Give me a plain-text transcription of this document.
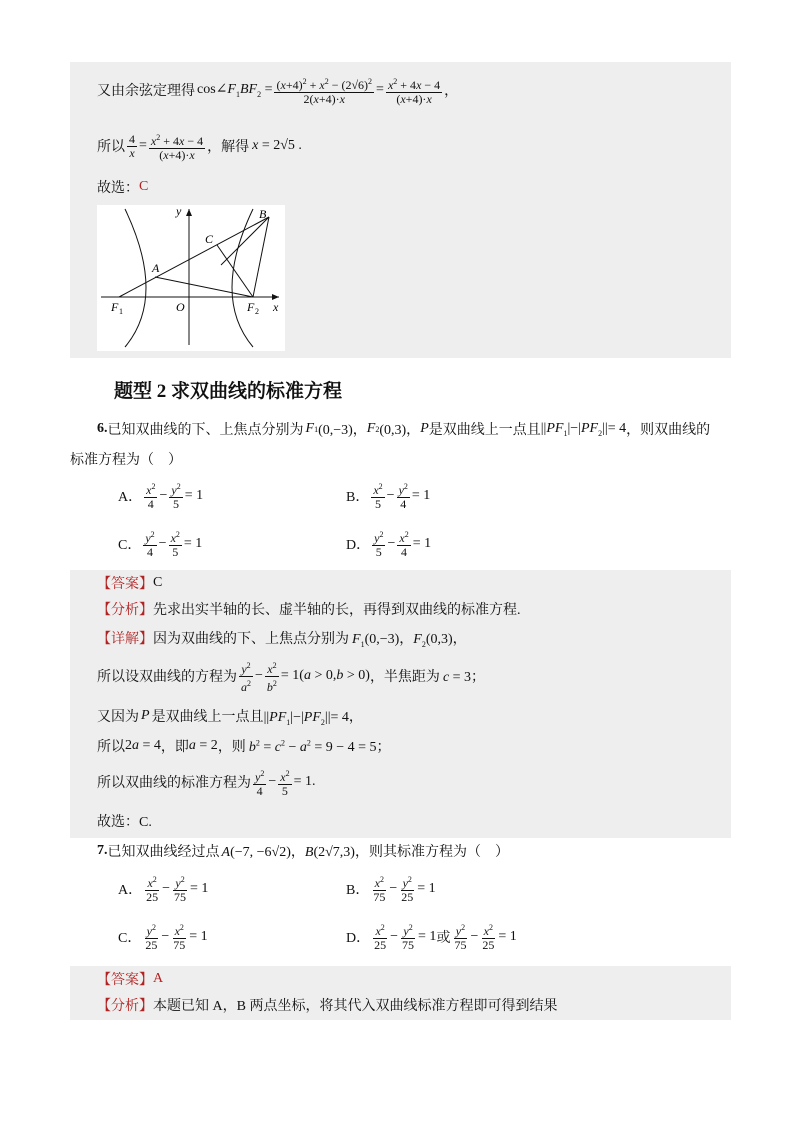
又由余弦定理得 $\cos\angle F_1BF_2 = \frac{(x+4)^2 + x^2 - (2√6)^2}{2(x+4)\cdot x} = \frac{x^2 + 4x - 4}{(x+4)\cdot x}$ ，
所以 $\frac{4}{x} = \frac{x^2 + 4x - 4}{(x+4)\cdot x}$ ，解得 x = 2√5 .
故选： C
y	B
C
A
F 1	O	F 2 x
题型 2 求双曲线的标准方程
6. 已知双曲线的下、上焦点分别为 F 1 (0,−3)， F 2 (0,3)， P 是双曲线上一点且 $||PF_1|-|PF_2||= 4$ ，则双曲线的
标准方程为（　）
A． $\frac{x^2}{4} - \frac{y^2}{5} = 1$	B． $\frac{x^2}{5} - \frac{y^2}{4} = 1$
C． $\frac{y^2}{4} - \frac{x^2}{5} = 1$	D． $\frac{y^2}{5} - \frac{x^2}{4} = 1$
【答案】 C
【分析】 先求出实半轴的长、虚半轴的长，再得到双曲线的标准方程.
【详解】 因为双曲线的下、上焦点分别为 $F_1(0,-3)$，$F_2(0,3)$，
所以设双曲线的方程为 $\frac{y^2}{a^2} - \frac{x^2}{b^2} = 1(a > 0,b > 0)$ ，半焦距为 c = 3；
又因为 P 是双曲线上一点且 $||PF_1|-|PF_2||= 4$，
所以 2a = 4 ，即 a = 2 ，则 $b^2 = c^2 - a^2 = 9 - 4 = 5$；
所以双曲线的标准方程为 $\frac{y^2}{4} - \frac{x^2}{5} = 1$.
故选：C.
7. 已知双曲线经过点 A(−7, −6√2)，B(2√7,3) ，则其标准方程为（　）
A． $\frac{x^2}{25} - \frac{y^2}{75} = 1$	B． $\frac{x^2}{75} - \frac{y^2}{25} = 1$
C． $\frac{y^2}{25} - \frac{x^2}{75} = 1$	D． $\frac{x^2}{25} - \frac{y^2}{75} = 1$ 或 $\frac{y^2}{75} - \frac{x^2}{25} = 1$
【答案】 A
【分析】 本题已知 A，B 两点坐标，将其代入双曲线标准方程即可得到结果
